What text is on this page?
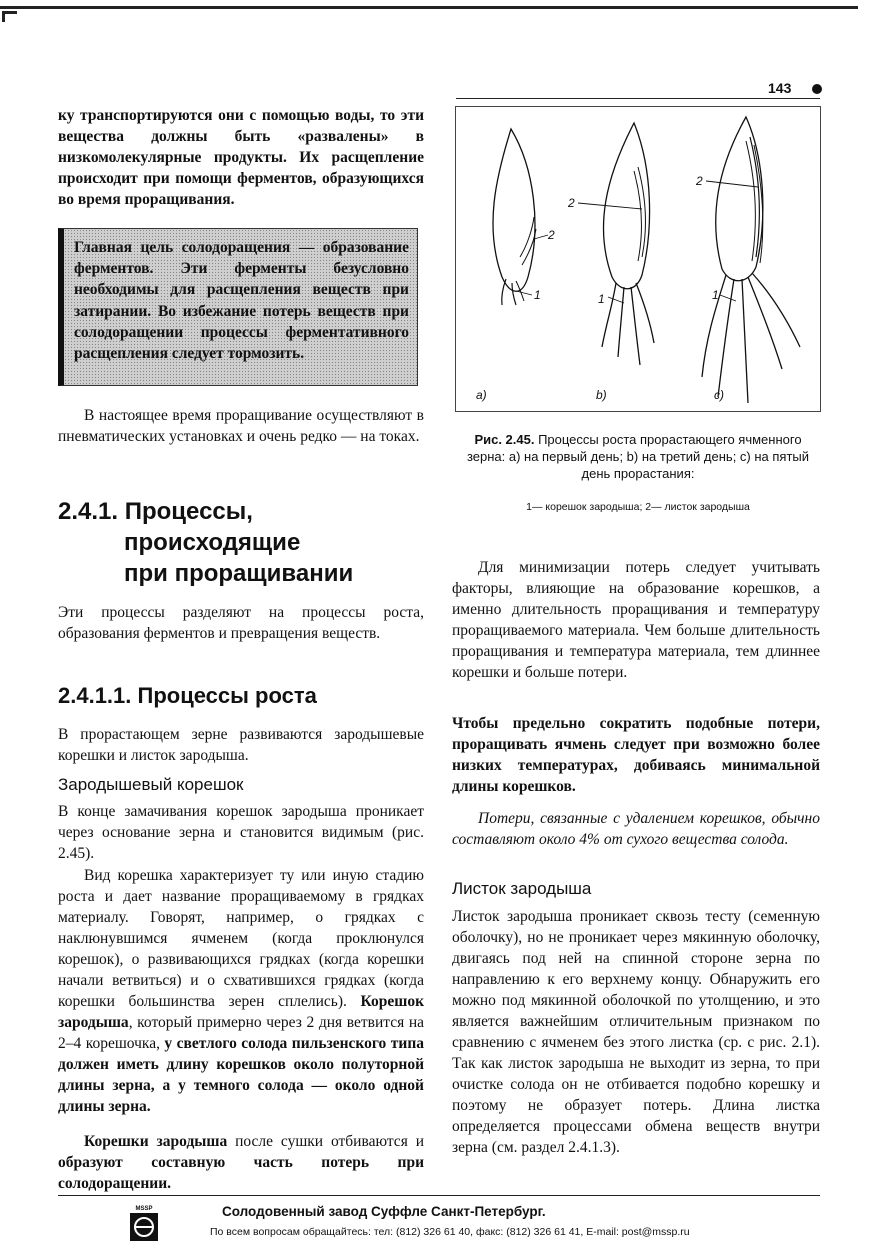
143

ку транспортируются они с помощью воды, то эти вещества должны быть «развалены» в низкомолекулярные продукты. Их расщепление происходит при помощи ферментов, образующихся во время проращивания.

Главная цель солодоращения — образование ферментов. Эти ферменты безусловно необходимы для расщепления веществ при затирании. Во избежание потерь веществ при солодоращении процессы ферментативного расщепления следует тормозить.

В настоящее время проращивание осуществляют в пневматических установках и очень редко — на токах.

2.4.1. Процессы,
происходящие
при проращивании

Эти процессы разделяют на процессы роста, образования ферментов и превращения веществ.

2.4.1.1. Процессы роста

В прорастающем зерне развиваются зародышевые корешки и листок зародыша.

Зародышевый корешок

В конце замачивания корешок зародыша проникает через основание зерна и становится видимым (рис. 2.45).

Вид корешка характеризует ту или иную стадию роста и дает название проращиваемому в грядках материалу. Говорят, например, о грядках с наклюнувшимся ячменем (когда проклюнулся корешок), о развивающихся грядках (когда корешки начали ветвиться) и о схватившихся грядках (когда корешки большинства зерен сплелись). Корешок зародыша, который примерно через 2 дня ветвится на 2–4 корешочка, у светлого солода пильзенского типа должен иметь длину корешков около полуторной длины зерна, а у темного солода — около одной длины зерна.

Корешки зародыша после сушки отбиваются и образуют составную часть потерь при солодоращении.

2
1
2
1
2
1
a)	b)	c)
Рис. 2.45. Процессы роста прорастающего ячменного зерна: a) на первый день; b) на третий день; c) на пятый день прорастания:
1— корешок зародыша; 2— листок зародыша

Для минимизации потерь следует учитывать факторы, влияющие на образование корешков, а именно длительность проращивания и температуру проращиваемого материала. Чем больше длительность проращивания и температура материала, тем длиннее корешки и больше потери.

Чтобы предельно сократить подобные потери, проращивать ячмень следует при возможно более низких температурах, добиваясь минимальной длины корешков.

Потери, связанные с удалением корешков, обычно составляют около 4% от сухого вещества солода.

Листок зародыша

Листок зародыша проникает сквозь тесту (семенную оболочку), но не проникает через мякинную оболочку, двигаясь под ней на спинной стороне зерна по направлению к его верхнему концу. Обнаружить его можно под мякинной оболочкой по утолщению, и это является важнейшим отличительным признаком по сравнению с ячменем без этого листка (ср. с рис. 2.1). Так как листок зародыша не выходит из зерна, то при очистке солода он не отбивается подобно корешку и поэтому не образует потерь. Длина листка определяется процессами обмена веществ внутри зерна (см. раздел 2.4.1.3).

MSSP	Солодовенный завод Суффле Санкт-Петербург.
По всем вопросам обращайтесь: тел: (812) 326 61 40, факс: (812) 326 61 41, E-mail: post@mssp.ru
